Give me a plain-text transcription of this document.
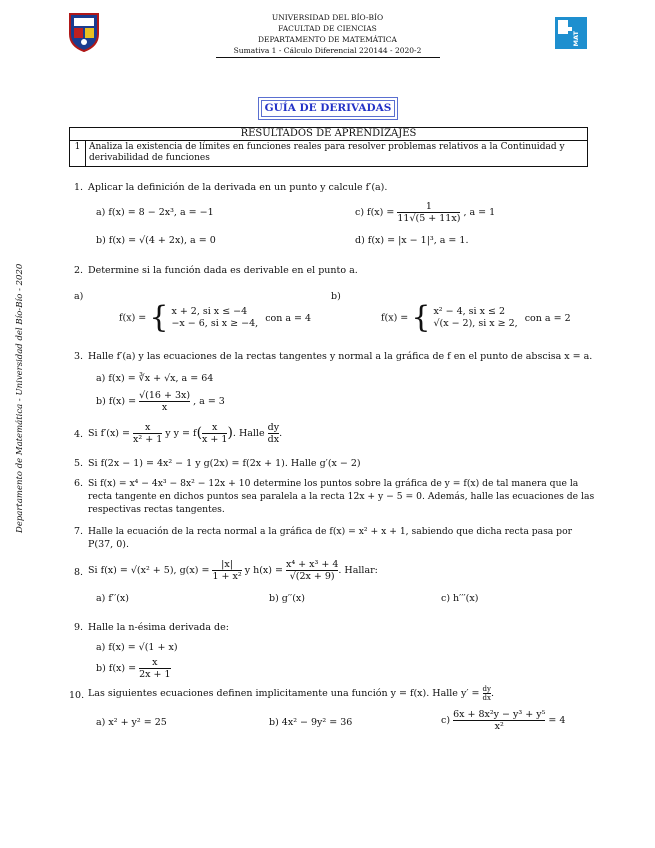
MAT
UNIVERSIDAD DEL BÍO-BÍO
FACULTAD DE CIENCIAS
DEPARTAMENTO DE MATEMÁTICA
Sumativa 1 - Cálculo Diferencial 220144 - 2020-2
GUÍA DE DERIVADAS
RESULTADOS DE APRENDIZAJES
1 Analiza la existencia de límites en funciones reales para resolver problemas relativos a la Continuidad y derivabilidad de funciones
Departamento de Matemática - Universidad del Bío-Bío - 2020
1. Aplicar la definición de la derivada en un punto y calcule f′(a).
a) f(x) = 8 − 2x³, a = −1
b) f(x) = √(4 + 2x), a = 0
c) $f(x) = \frac{1}{11√(5 + 11x)}$ , a = 1
d) f(x) = |x − 1|³, a = 1.
2. Determine si la función dada es derivable en el punto a.
a)	b)
f(x) = { x + 2, si x ≤ −4
−x − 6, si x ≥ −4, con a = 4	f(x) = { x² − 4, si x ≤ 2
√(x − 2), si x ≥ 2, con a = 2
3. Halle f′(a) y las ecuaciones de la rectas tangentes y normal a la gráfica de f en el punto de abscisa x = a.
a) f(x) = ∛x + √x, a = 64
b) $f(x) = \frac{√(16 + 3x)}{x}$ , a = 3
4. Si $f'(x) = \frac{x}{\text{x² + 1}}$ y $y = f( \frac{x}{x + 1}$ ). Halle $\frac{dy}{dx}$ .
5. Si f(2x − 1) = 4x² − 1 y g(2x) = f(2x + 1). Halle g′(x − 2)
6. Si f(x) = x⁴ − 4x³ − 8x² − 12x + 10 determine los puntos sobre la gráfica de y = f(x) de tal manera que la
recta tangente en dichos puntos sea paralela a la recta 12x + y − 5 = 0. Además, halle las ecuaciones de las
respectivas rectas tangentes.
7. Halle la ecuación de la recta normal a la gráfica de f(x) = x² + x + 1, sabiendo que dicha recta pasa por
P(37, 0).
8. Si f(x) = √(x² + 5), $g(x) = \frac{|x|}{\text{1 + x²}}$ y $h(x) = \frac{\text{x⁴ + x³ + 4}}{√(2x + 9)}$ . Hallar:
a) f′′(x)	b) g′′(x)	c) h′′′(x)
9. Halle la n-ésima derivada de:
a) f(x) = √(1 + x)
b) $f(x) = \frac{x}{2x + 1}$
10. Las siguientes ecuaciones definen implicitamente una función y = f(x). Halle $y' = \frac{dy}{dx}$ .
a) x² + y² = 25	b) 4x² − 9y² = 36	$c) \frac{\text{6x + 8x²y − y³ + y⁵}}{\text{x²}} = 4$
